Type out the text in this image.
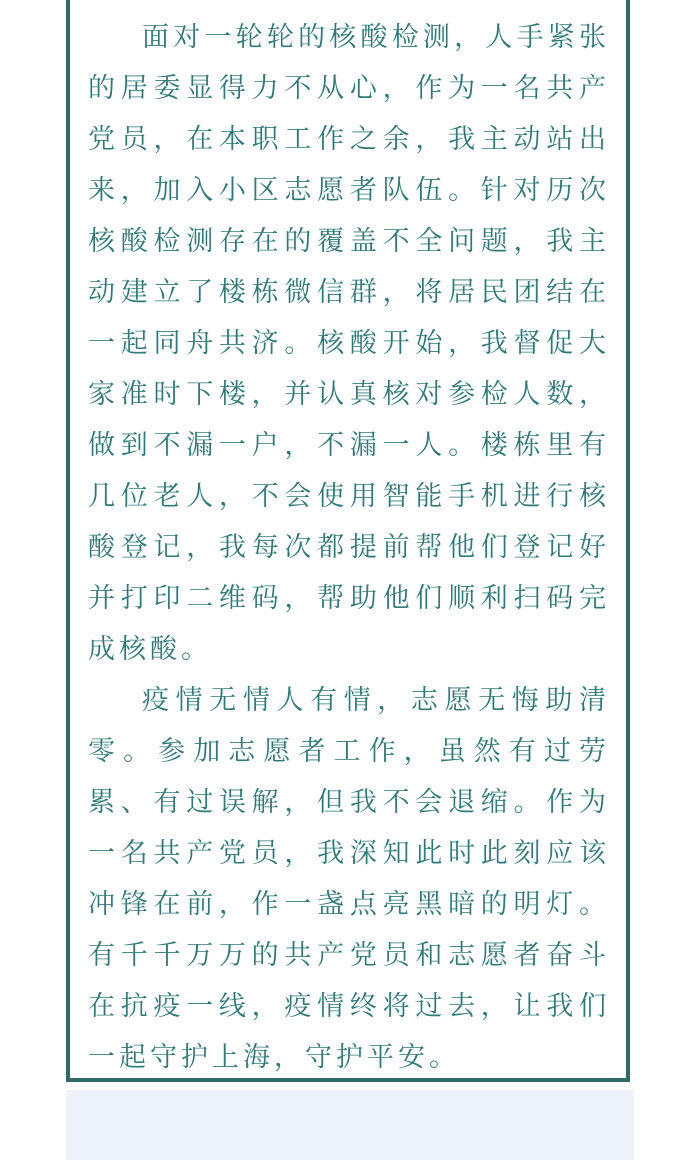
面对一轮轮的核酸检测，人手紧张的居委显得力不从心，作为一名共产党员，在本职工作之余，我主动站出来，加入小区志愿者队伍。针对历次核酸检测存在的覆盖不全问题，我主动建立了楼栋微信群，将居民团结在一起同舟共济。核酸开始，我督促大家准时下楼，并认真核对参检人数，做到不漏一户，不漏一人。楼栋里有几位老人，不会使用智能手机进行核酸登记，我每次都提前帮他们登记好并打印二维码，帮助他们顺利扫码完成核酸。

疫情无情人有情，志愿无悔助清零。参加志愿者工作，虽然有过劳累、有过误解，但我不会退缩。作为一名共产党员，我深知此时此刻应该冲锋在前，作一盏点亮黑暗的明灯。有千千万万的共产党员和志愿者奋斗在抗疫一线，疫情终将过去，让我们一起守护上海，守护平安。
